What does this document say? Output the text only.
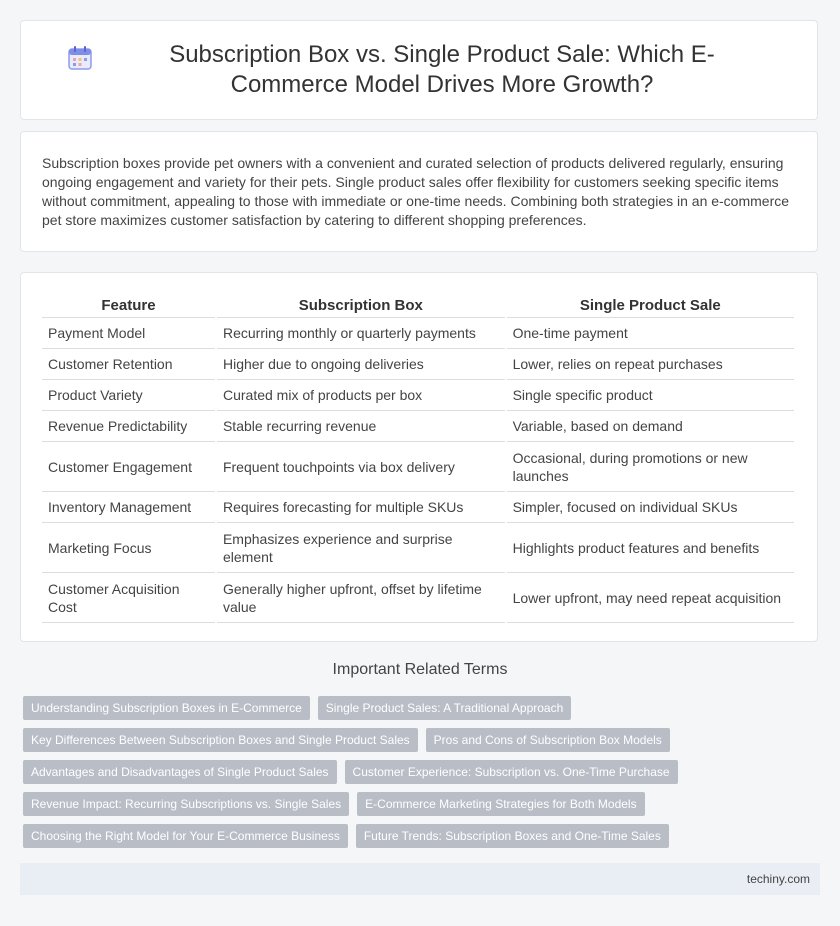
Subscription Box vs. Single Product Sale: Which E-Commerce Model Drives More Growth?

Subscription boxes provide pet owners with a convenient and curated selection of products delivered regularly, ensuring ongoing engagement and variety for their pets. Single product sales offer flexibility for customers seeking specific items without commitment, appealing to those with immediate or one-time needs. Combining both strategies in an e-commerce pet store maximizes customer satisfaction by catering to different shopping preferences.

Feature	Subscription Box	Single Product Sale
Payment Model	Recurring monthly or quarterly payments	One-time payment
Customer Retention	Higher due to ongoing deliveries	Lower, relies on repeat purchases
Product Variety	Curated mix of products per box	Single specific product
Revenue Predictability	Stable recurring revenue	Variable, based on demand
Customer Engagement	Frequent touchpoints via box delivery	Occasional, during promotions or new launches
Inventory Management	Requires forecasting for multiple SKUs	Simpler, focused on individual SKUs
Marketing Focus	Emphasizes experience and surprise element	Highlights product features and benefits
Customer Acquisition Cost	Generally higher upfront, offset by lifetime value	Lower upfront, may need repeat acquisition
Important Related Terms
Understanding Subscription Boxes in E-Commerce	Single Product Sales: A Traditional Approach
Key Differences Between Subscription Boxes and Single Product Sales	Pros and Cons of Subscription Box Models
Advantages and Disadvantages of Single Product Sales	Customer Experience: Subscription vs. One-Time Purchase
Revenue Impact: Recurring Subscriptions vs. Single Sales	E-Commerce Marketing Strategies for Both Models
Choosing the Right Model for Your E-Commerce Business	Future Trends: Subscription Boxes and One-Time Sales
techiny.com
